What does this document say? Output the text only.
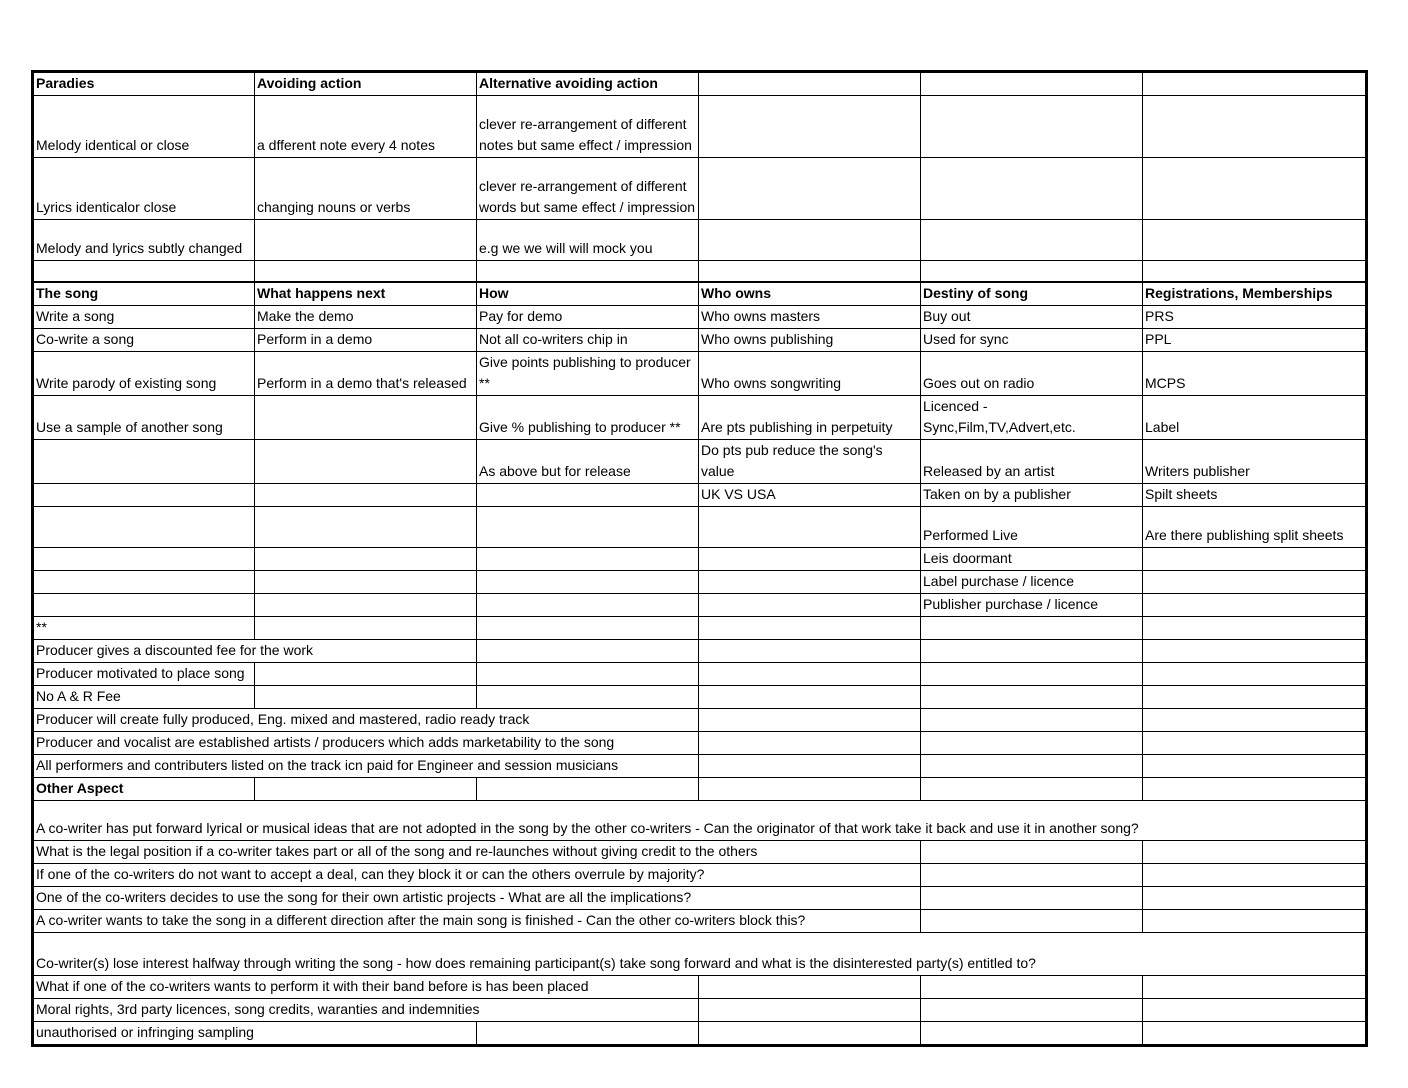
Paradies	Avoiding action	Alternative avoiding action			
Melody identical or close	a dfferent note every 4 notes	clever re-arrangement of different notes but same effect / impression			
Lyrics identicalor close	changing nouns or verbs	clever re-arrangement of different words but same effect / impression			
Melody and lyrics subtly changed		e.g we we will will mock you			

The song	What happens next	How	Who owns	Destiny of song	Registrations, Memberships
Write a song	Make the demo	Pay for demo	Who owns masters	Buy out	PRS
Co-write a song	Perform in a demo	Not all co-writers chip in	Who owns publishing	Used for sync	PPL
Write parody of existing song	Perform in a demo that's released	Give points publishing to producer **	Who owns songwriting	Goes out on radio	MCPS
Use a sample of another song		Give % publishing to producer **	Are pts publishing in perpetuity	Licenced - Sync,Film,TV,Advert,etc.	Label
		As above but for release	Do pts pub reduce the song's value	Released by an artist	Writers publisher
			UK VS USA	Taken on by a publisher	Spilt sheets
				Performed Live	Are there publishing split sheets
				Leis doormant	
				Label purchase / licence	
				Publisher purchase / licence	
**					
Producer gives a discounted fee for the work					
Producer motivated to place song					
No A & R Fee					
Producer will create fully produced, Eng. mixed and mastered, radio ready track					
Producer and vocalist are established artists / producers which adds marketability to the song					
All performers and contributers listed on the track icn paid for Engineer and session musicians					
Other Aspect					
A co-writer has put forward lyrical or musical ideas that are not adopted in the song by the other co-writers - Can the originator of that work take it back and use it in another song?					
What is the legal position if a co-writer takes part or all of the song and re-launches without giving credit to the others					
If one of the co-writers do not want to accept a deal, can they block it or can the others overrule by majority?					
One of the co-writers decides to use the song for their own artistic projects - What are all the implications?					
A co-writer wants to take the song in a different direction after the main song is finished - Can the other co-writers block this?					
Co-writer(s) lose interest halfway through writing the song - how does remaining participant(s) take song forward and what is the disinterested party(s) entitled to?					
What if one of the co-writers wants to perform it with their band before is has been placed					
Moral rights, 3rd party licences, song credits, waranties and indemnities					
unauthorised or infringing sampling					
